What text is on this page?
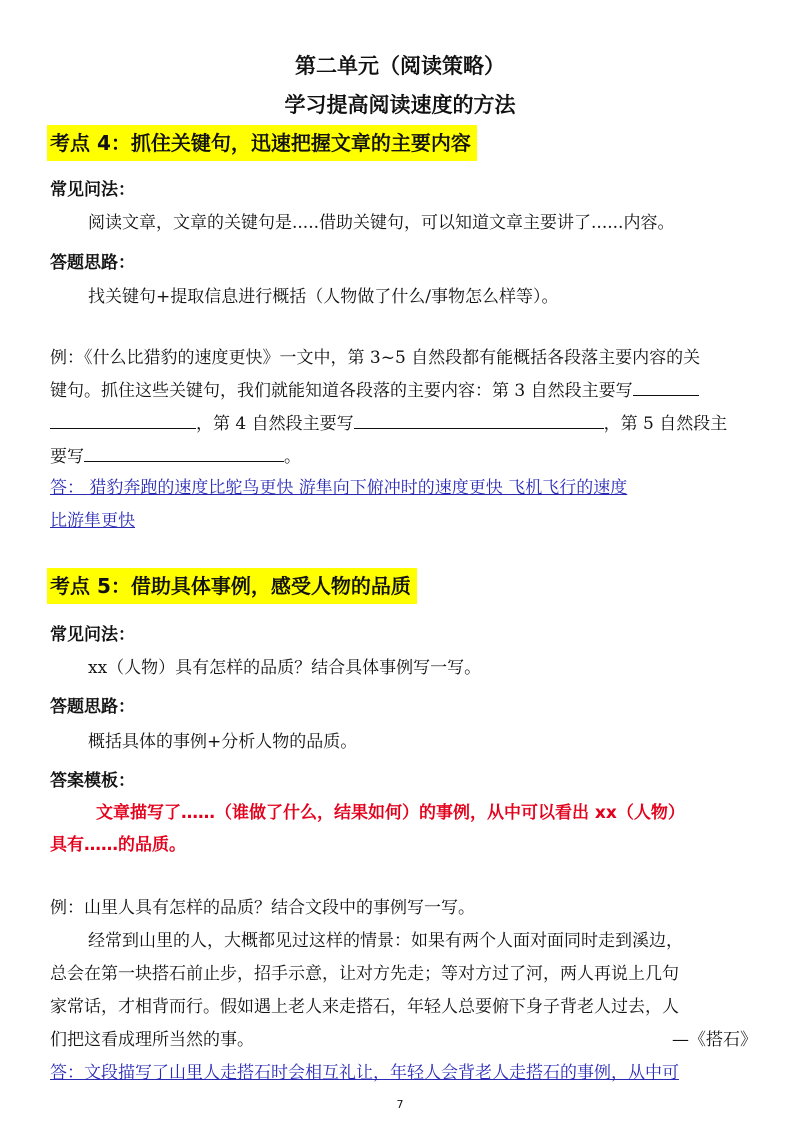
第二单元（阅读策略）
学习提高阅读速度的方法
考点 4：抓住关键句，迅速把握文章的主要内容
常见问法：
阅读文章，文章的关键句是.....借助关键句，可以知道文章主要讲了......内容。
答题思路：
找关键句+提取信息进行概括（人物做了什么/事物怎么样等）。
例：《什么比猎豹的速度更快》一文中，第 3~5 自然段都有能概括各段落主要内容的关
键句。抓住这些关键句，我们就能知道各段落的主要内容：第 3 自然段主要写
，第 4 自然段主要写	，第 5 自然段主
要写	。
答： 猎豹奔跑的速度比鸵鸟更快 游隼向下俯冲时的速度更快 飞机飞行的速度
比游隼更快
考点 5：借助具体事例，感受人物的品质
常见问法：
xx（人物）具有怎样的品质？结合具体事例写一写。
答题思路：
概括具体的事例+分析人物的品质。
答案模板：
文章描写了……（谁做了什么，结果如何）的事例，从中可以看出 xx（人物）
具有……的品质。
例：山里人具有怎样的品质？结合文段中的事例写一写。
经常到山里的人，大概都见过这样的情景：如果有两个人面对面同时走到溪边，
总会在第一块搭石前止步，招手示意，让对方先走；等对方过了河，两人再说上几句
家常话，才相背而行。假如遇上老人来走搭石，年轻人总要俯下身子背老人过去，人
们把这看成理所当然的事。	—《搭石》
答：文段描写了山里人走搭石时会相互礼让，年轻人会背老人走搭石的事例，从中可
7
